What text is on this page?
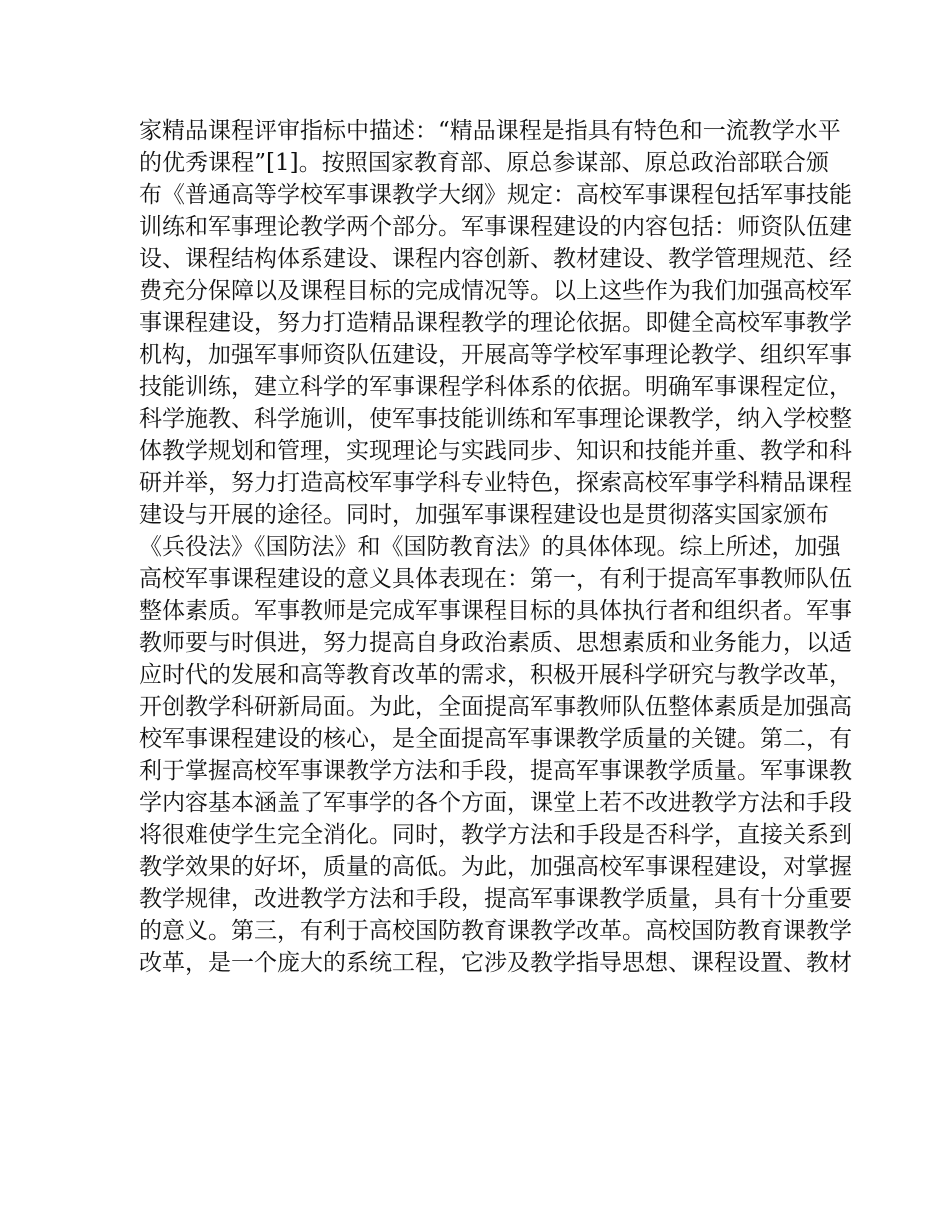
家精品课程评审指标中描述：“精品课程是指具有特色和一流教学水平
的优秀课程”[1]。按照国家教育部、原总参谋部、原总政治部联合颁
布《普通高等学校军事课教学大纲》规定：高校军事课程包括军事技能
训练和军事理论教学两个部分。军事课程建设的内容包括：师资队伍建
设、课程结构体系建设、课程内容创新、教材建设、教学管理规范、经
费充分保障以及课程目标的完成情况等。以上这些作为我们加强高校军
事课程建设，努力打造精品课程教学的理论依据。即健全高校军事教学
机构，加强军事师资队伍建设，开展高等学校军事理论教学、组织军事
技能训练，建立科学的军事课程学科体系的依据。明确军事课程定位，
科学施教、科学施训，使军事技能训练和军事理论课教学，纳入学校整
体教学规划和管理，实现理论与实践同步、知识和技能并重、教学和科
研并举，努力打造高校军事学科专业特色，探索高校军事学科精品课程
建设与开展的途径。同时，加强军事课程建设也是贯彻落实国家颁布
《兵役法》《国防法》和《国防教育法》的具体体现。综上所述，加强
高校军事课程建设的意义具体表现在：第一，有利于提高军事教师队伍
整体素质。军事教师是完成军事课程目标的具体执行者和组织者。军事
教师要与时俱进，努力提高自身政治素质、思想素质和业务能力，以适
应时代的发展和高等教育改革的需求，积极开展科学研究与教学改革，
开创教学科研新局面。为此，全面提高军事教师队伍整体素质是加强高
校军事课程建设的核心，是全面提高军事课教学质量的关键。第二，有
利于掌握高校军事课教学方法和手段，提高军事课教学质量。军事课教
学内容基本涵盖了军事学的各个方面，课堂上若不改进教学方法和手段
将很难使学生完全消化。同时，教学方法和手段是否科学，直接关系到
教学效果的好坏，质量的高低。为此，加强高校军事课程建设，对掌握
教学规律，改进教学方法和手段，提高军事课教学质量，具有十分重要
的意义。第三，有利于高校国防教育课教学改革。高校国防教育课教学
改革，是一个庞大的系统工程，它涉及教学指导思想、课程设置、教材
